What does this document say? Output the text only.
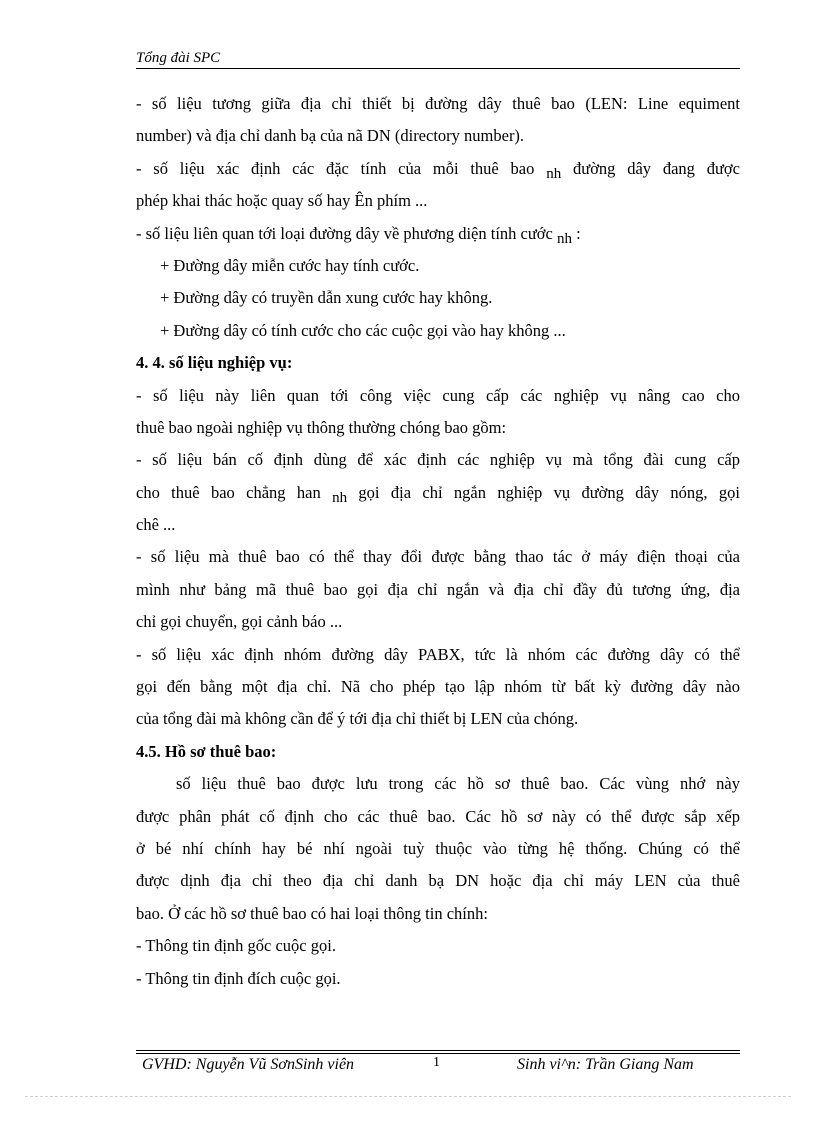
Tổng đài SPC
- số liệu tương giữa địa chỉ thiết bị đường dây thuê bao (LEN: Line equiment
number) và địa chỉ danh bạ của nã DN (directory number).
- số liệu xác định các đặc tính của mỗi thuê bao nh đường dây đang được
phép khai thác hoặc quay số hay Ên phím ...
- số liệu liên quan tới loại đường dây về phương diện tính cước nh :
+ Đường dây miễn cước hay tính cước.
+ Đường dây có truyền dẫn xung cước hay không.
+ Đường dây có tính cước cho các cuộc gọi vào hay không ...
4. 4. số liệu nghiệp vụ:
- số liệu này liên quan tới công việc cung cấp các nghiệp vụ nâng cao cho
thuê bao ngoài nghiệp vụ thông thường chóng bao gồm:
- số liệu bán cố định dùng để xác định các nghiệp vụ mà tổng đài cung cấp
cho thuê bao chẳng han nh gọi địa chỉ ngắn nghiệp vụ đường dây nóng, gọi
chê ...
- số liệu mà thuê bao có thể thay đổi được bằng thao tác ở máy điện thoại của
mình như bảng mã thuê bao gọi địa chỉ ngắn và địa chỉ đầy đủ tương ứng, địa
chỉ gọi chuyển, gọi cảnh báo ...
- số liệu xác định nhóm đường dây PABX, tức là nhóm các đường dây có thể
gọi đến bằng một địa chỉ. Nã cho phép tạo lập nhóm từ bất kỳ đường dây nào
của tổng đài mà không cần để ý tới địa chỉ thiết bị LEN của chóng.
4.5. Hồ sơ thuê bao:
số liệu thuê bao được lưu trong các hồ sơ thuê bao. Các vùng nhớ này
được phân phát cố định cho các thuê bao. Các hồ sơ này có thể được sắp xếp
ở bé nhí chính hay bé nhí ngoài tuỳ thuộc vào từng hệ thống. Chúng có thể
được dịnh địa chỉ theo địa chỉ danh bạ DN hoặc địa chỉ máy LEN của thuê
bao. Ở các hồ sơ thuê bao có hai loại thông tin chính:
- Thông tin định gốc cuộc gọi.
- Thông tin định đích cuộc gọi.
GVHD: Nguyễn Vũ SơnSinh viên	1	Sinh vi^n: Trần Giang Nam
